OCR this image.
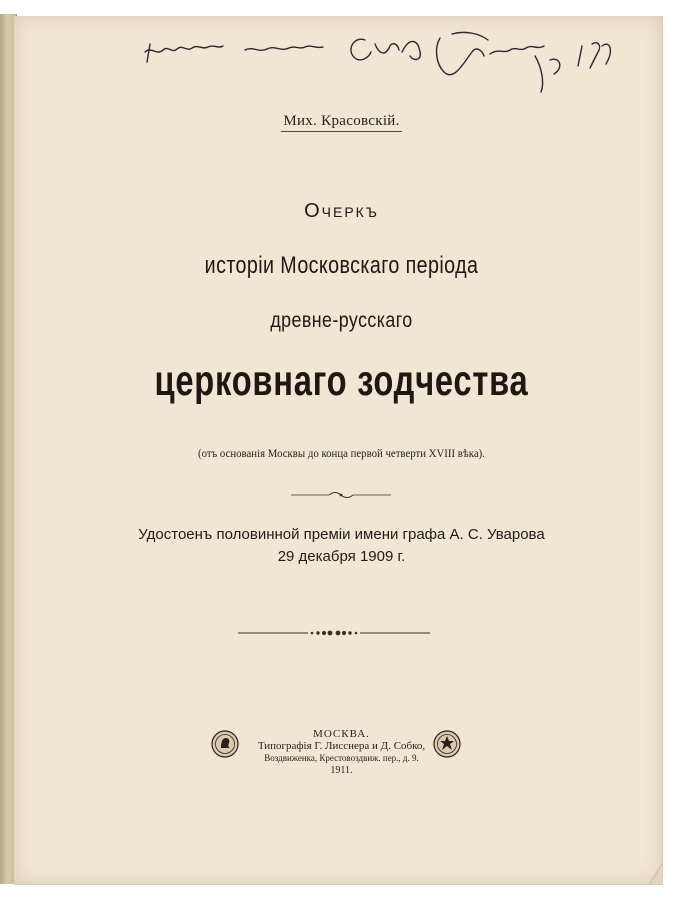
Мих. Красовскій.
Очеркъ
исторіи Московскаго періода
древне-русскаго
церковнаго зодчества
(отъ основанія Москвы до конца первой четверти XVIII вѣка).
Удостоенъ половинной преміи имени графа А. С. Уварова
29 декабря 1909 г.
МОСКВА.
Типографія Г. Лисснера и Д. Собко,
Воздвиженка, Крестовоздвиж. пер., д. 9.
1911.
